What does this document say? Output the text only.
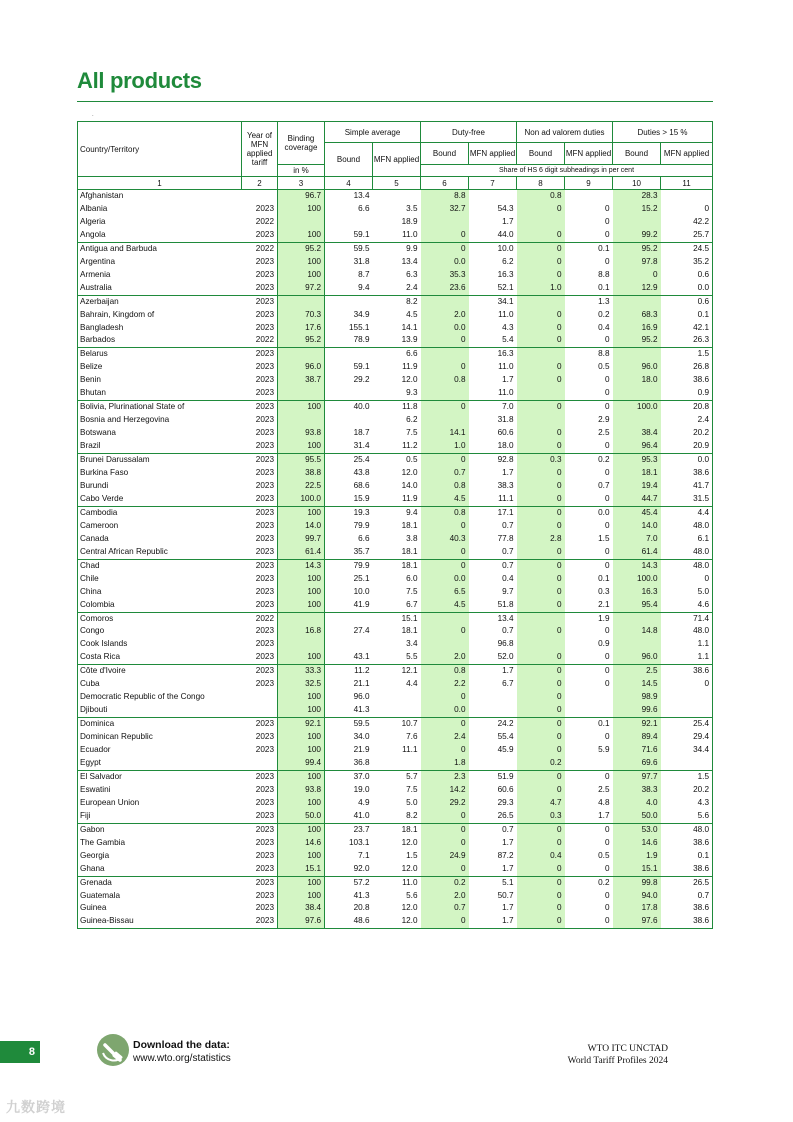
All products
.
Country/Territory	Year of MFN applied tariff	Binding coverage	Simple average		Duty-free		Non ad valorem duties		Duties > 15 %	
			Bound	MFN applied	Bound	MFN applied	Bound	MFN applied	Bound	MFN applied
		in %			Share of HS 6 digit subheadings in per cent					
1	2	3	4	5	6	7	8	9	10	11
Afghanistan		96.7	13.4		8.8		0.8		28.3	
Albania	2023	100	6.6	3.5	32.7	54.3	0	0	15.2	0
Algeria	2022			18.9		1.7		0		42.2
Angola	2023	100	59.1	11.0	0	44.0	0	0	99.2	25.7
Antigua and Barbuda	2022	95.2	59.5	9.9	0	10.0	0	0.1	95.2	24.5
Argentina	2023	100	31.8	13.4	0.0	6.2	0	0	97.8	35.2
Armenia	2023	100	8.7	6.3	35.3	16.3	0	8.8	0	0.6
Australia	2023	97.2	9.4	2.4	23.6	52.1	1.0	0.1	12.9	0.0
Azerbaijan	2023			8.2		34.1		1.3		0.6
Bahrain, Kingdom of	2023	70.3	34.9	4.5	2.0	11.0	0	0.2	68.3	0.1
Bangladesh	2023	17.6	155.1	14.1	0.0	4.3	0	0.4	16.9	42.1
Barbados	2022	95.2	78.9	13.9	0	5.4	0	0	95.2	26.3
Belarus	2023			6.6		16.3		8.8		1.5
Belize	2023	96.0	59.1	11.9	0	11.0	0	0.5	96.0	26.8
Benin	2023	38.7	29.2	12.0	0.8	1.7	0	0	18.0	38.6
Bhutan	2023			9.3		11.0		0		0.9
Bolivia, Plurinational State of	2023	100	40.0	11.8	0	7.0	0	0	100.0	20.8
Bosnia and Herzegovina	2023			6.2		31.8		2.9		2.4
Botswana	2023	93.8	18.7	7.5	14.1	60.6	0	2.5	38.4	20.2
Brazil	2023	100	31.4	11.2	1.0	18.0	0	0	96.4	20.9
Brunei Darussalam	2023	95.5	25.4	0.5	0	92.8	0.3	0.2	95.3	0.0
Burkina Faso	2023	38.8	43.8	12.0	0.7	1.7	0	0	18.1	38.6
Burundi	2023	22.5	68.6	14.0	0.8	38.3	0	0.7	19.4	41.7
Cabo Verde	2023	100.0	15.9	11.9	4.5	11.1	0	0	44.7	31.5
Cambodia	2023	100	19.3	9.4	0.8	17.1	0	0.0	45.4	4.4
Cameroon	2023	14.0	79.9	18.1	0	0.7	0	0	14.0	48.0
Canada	2023	99.7	6.6	3.8	40.3	77.8	2.8	1.5	7.0	6.1
Central African Republic	2023	61.4	35.7	18.1	0	0.7	0	0	61.4	48.0
Chad	2023	14.3	79.9	18.1	0	0.7	0	0	14.3	48.0
Chile	2023	100	25.1	6.0	0.0	0.4	0	0.1	100.0	0
China	2023	100	10.0	7.5	6.5	9.7	0	0.3	16.3	5.0
Colombia	2023	100	41.9	6.7	4.5	51.8	0	2.1	95.4	4.6
Comoros	2022			15.1		13.4		1.9		71.4
Congo	2023	16.8	27.4	18.1	0	0.7	0	0	14.8	48.0
Cook Islands	2023			3.4		96.8		0.9		1.1
Costa Rica	2023	100	43.1	5.5	2.0	52.0	0	0	96.0	1.1
Côte d'Ivoire	2023	33.3	11.2	12.1	0.8	1.7	0	0	2.5	38.6
Cuba	2023	32.5	21.1	4.4	2.2	6.7	0	0	14.5	0
Democratic Republic of the Congo		100	96.0		0		0		98.9	
Djibouti		100	41.3		0.0		0		99.6	
Dominica	2023	92.1	59.5	10.7	0	24.2	0	0.1	92.1	25.4
Dominican Republic	2023	100	34.0	7.6	2.4	55.4	0	0	89.4	29.4
Ecuador	2023	100	21.9	11.1	0	45.9	0	5.9	71.6	34.4
Egypt		99.4	36.8		1.8		0.2		69.6	
El Salvador	2023	100	37.0	5.7	2.3	51.9	0	0	97.7	1.5
Eswatini	2023	93.8	19.0	7.5	14.2	60.6	0	2.5	38.3	20.2
European Union	2023	100	4.9	5.0	29.2	29.3	4.7	4.8	4.0	4.3
Fiji	2023	50.0	41.0	8.2	0	26.5	0.3	1.7	50.0	5.6
Gabon	2023	100	23.7	18.1	0	0.7	0	0	53.0	48.0
The Gambia	2023	14.6	103.1	12.0	0	1.7	0	0	14.6	38.6
Georgia	2023	100	7.1	1.5	24.9	87.2	0.4	0.5	1.9	0.1
Ghana	2023	15.1	92.0	12.0	0	1.7	0	0	15.1	38.6
Grenada	2023	100	57.2	11.0	0.2	5.1	0	0.2	99.8	26.5
Guatemala	2023	100	41.3	5.6	2.0	50.7	0	0	94.0	0.7
Guinea	2023	38.4	20.8	12.0	0.7	1.7	0	0	17.8	38.6
Guinea-Bissau	2023	97.6	48.6	12.0	0	1.7	0	0	97.6	38.6
8
Download the data:
www.wto.org/statistics
WTO ITC UNCTAD
World Tariff Profiles 2024
九数跨境
